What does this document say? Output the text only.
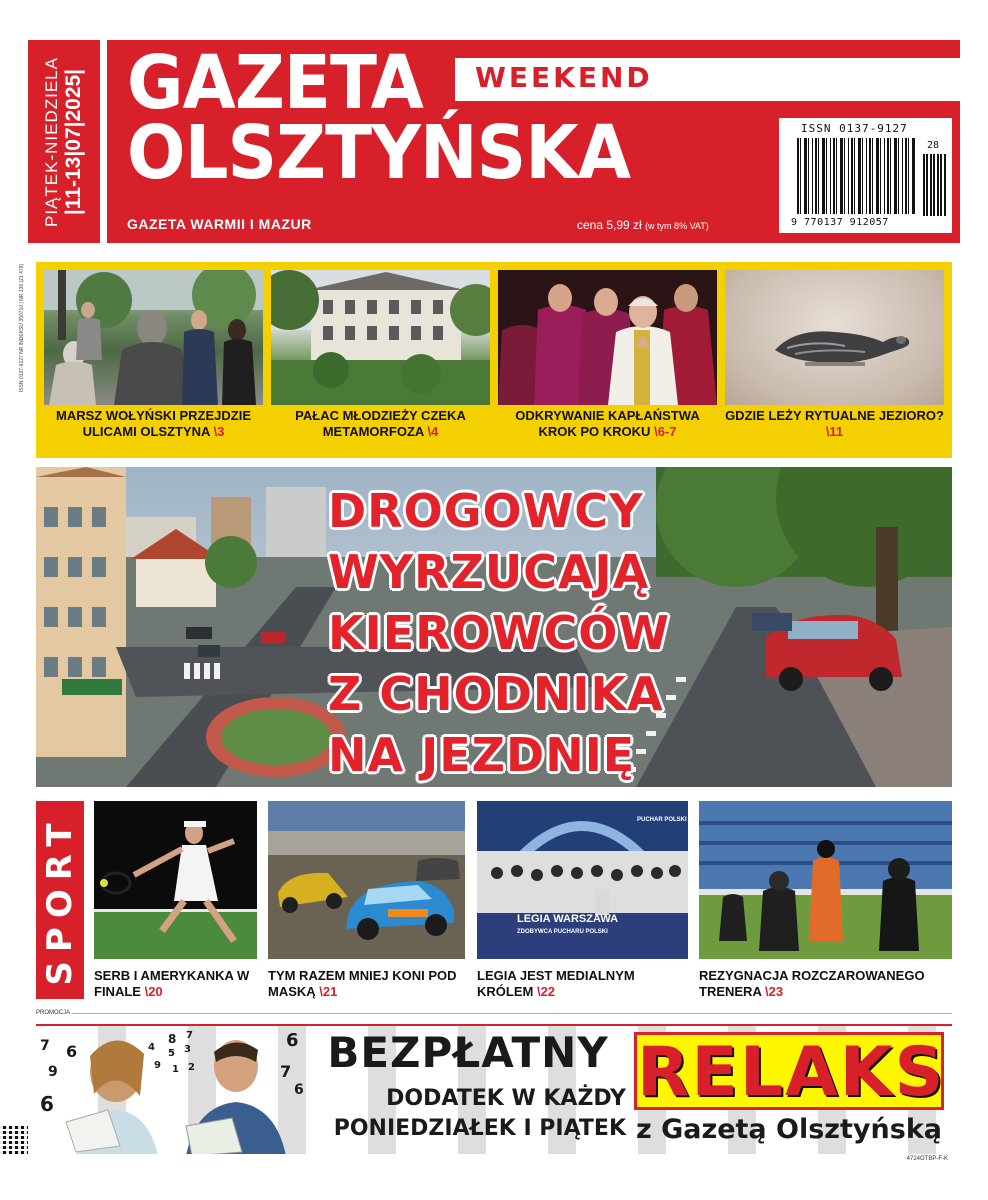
PIĄTEK-NIEDZIELA |11-13|07|2025|	WEEKEND
GAZETA
OLSZTYŃSKA
GAZETA WARMII I MAZUR	cena 5,99 zł (w tym 8% VAT)
ISSN 0137-9127
28
9 770137 912057
ISSN 0137-9127 NR INDEKSU 350710 | NR 136 (21 478)
MARSZ WOŁYŃSKI PRZEJDZIE ULICAMI OLSZTYNA \3
PAŁAC MŁODZIEŻY CZEKA METAMORFOZA \4
ODKRYWANIE KAPŁAŃSTWA KROK PO KROKU \6-7
GDZIE LEŻY RYTUALNE JEZIORO? \11
DROGOWCY
WYRZUCAJĄ
KIEROWCÓW
Z CHODNIKA
NA JEZDNIĘ
SPORT SERB I AMERYKANKA W FINALE \20
TYM RAZEM MNIEJ KONI POD MASKĄ \21
LEGIA WARSZAWA
ZDOBYWCA PUCHARU POLSKI
PUCHAR POLSKI
LEGIA JEST MEDIALNYM KRÓLEM \22
REZYGNACJA ROZCZAROWANEGO TRENERA \23
PROMOCJA
7 6
9
6
4
8
5 3
9
7
1 2
6
7
6
BEZPŁATNY
DODATEK W KAŻDY
PONIEDZIAŁEK I PIĄTEK
RELAKS
z Gazetą Olsztyńską
4724OTBP-F-K
